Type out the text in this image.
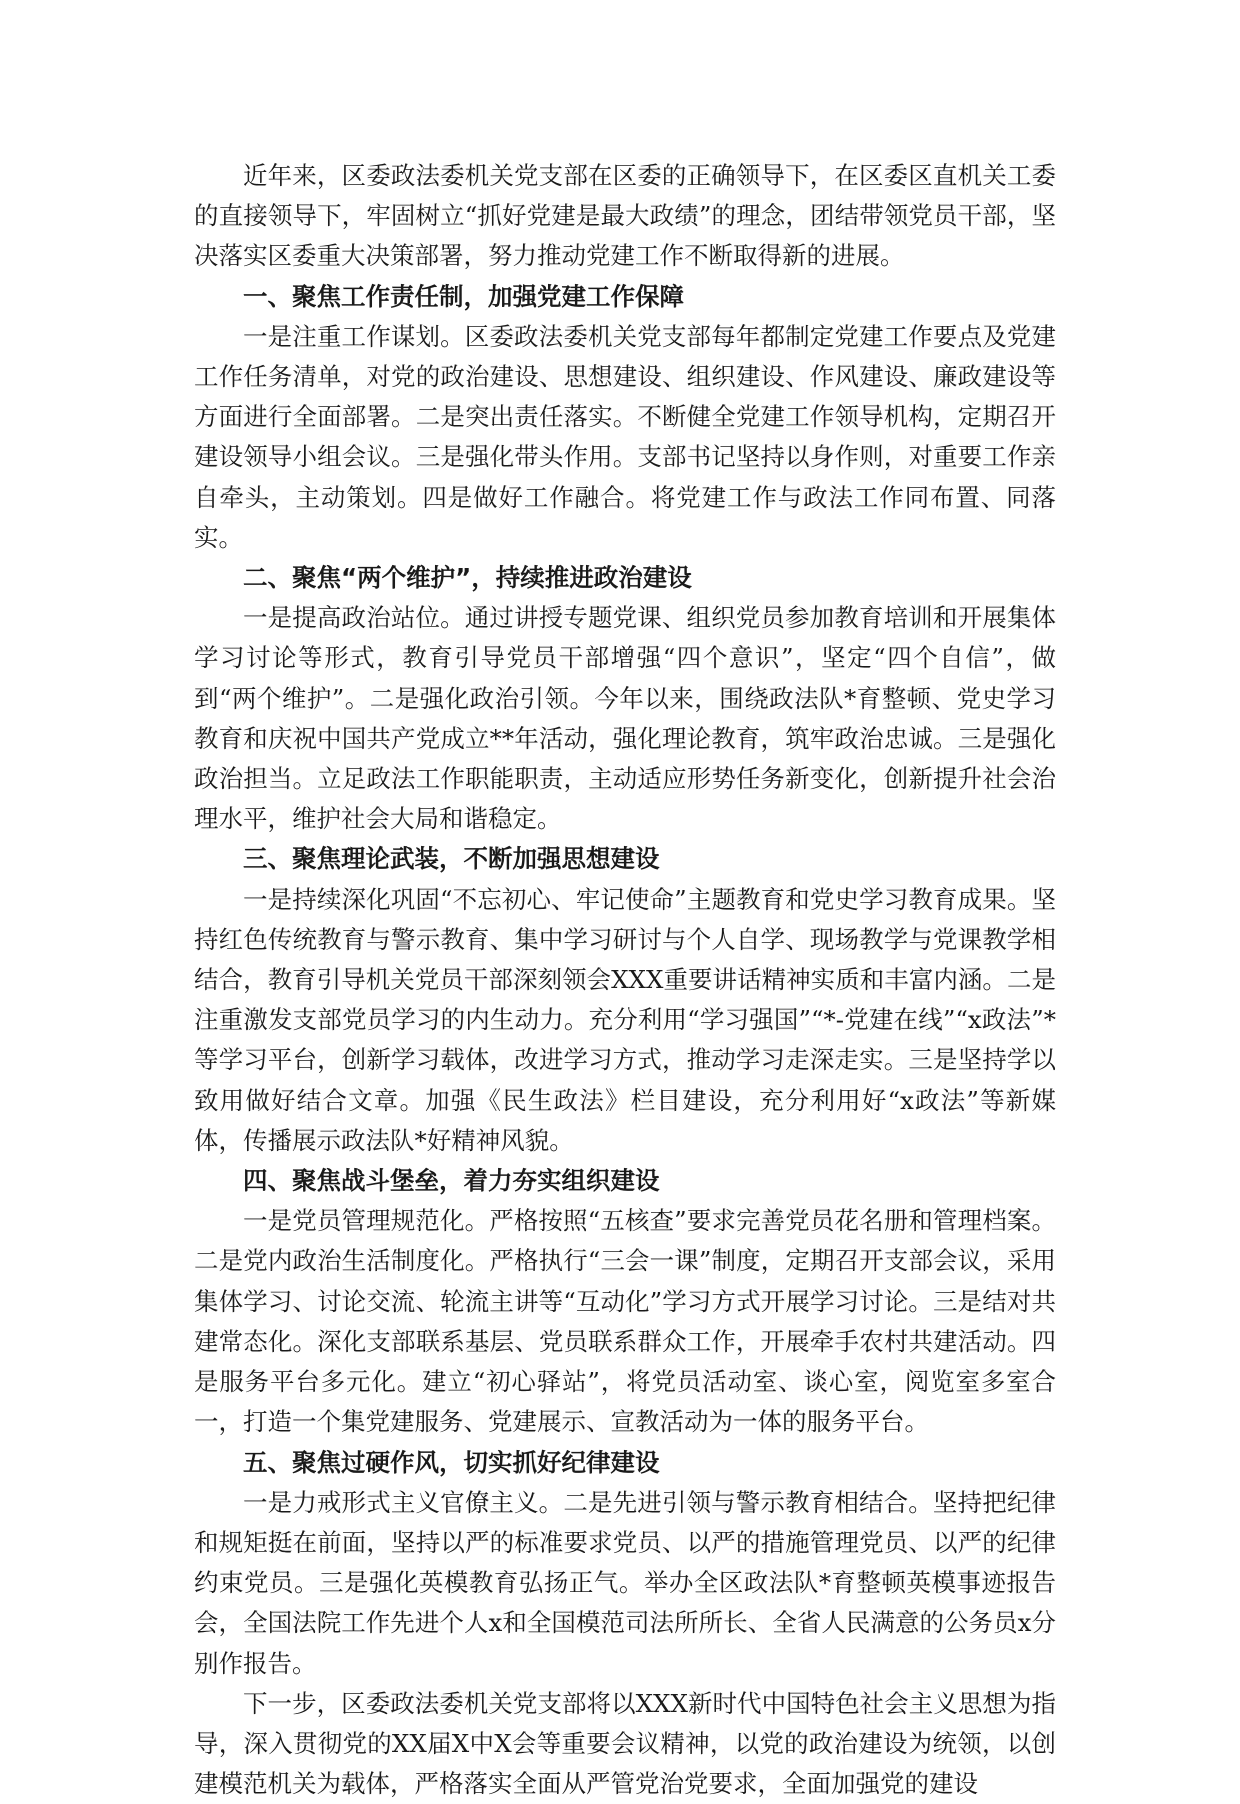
近年来，区委政法委机关党支部在区委的正确领导下，在区委区直机关工委的直接领导下，牢固树立“抓好党建是最大政绩”的理念，团结带领党员干部，坚决落实区委重大决策部署，努力推动党建工作不断取得新的进展。

一、聚焦工作责任制，加强党建工作保障

一是注重工作谋划。区委政法委机关党支部每年都制定党建工作要点及党建工作任务清单，对党的政治建设、思想建设、组织建设、作风建设、廉政建设等方面进行全面部署。二是突出责任落实。不断健全党建工作领导机构，定期召开建设领导小组会议。三是强化带头作用。支部书记坚持以身作则，对重要工作亲自牵头，主动策划。四是做好工作融合。将党建工作与政法工作同布置、同落实。

二、聚焦“两个维护”，持续推进政治建设

一是提高政治站位。通过讲授专题党课、组织党员参加教育培训和开展集体学习讨论等形式，教育引导党员干部增强“四个意识”，坚定“四个自信”，做到“两个维护”。二是强化政治引领。今年以来，围绕政法队*育整顿、党史学习教育和庆祝中国共产党成立**年活动，强化理论教育，筑牢政治忠诚。三是强化政治担当。立足政法工作职能职责，主动适应形势任务新变化，创新提升社会治理水平，维护社会大局和谐稳定。

三、聚焦理论武装，不断加强思想建设

一是持续深化巩固“不忘初心、牢记使命”主题教育和党史学习教育成果。坚持红色传统教育与警示教育、集中学习研讨与个人自学、现场教学与党课教学相结合，教育引导机关党员干部深刻领会XXX重要讲话精神实质和丰富内涵。二是注重激发支部党员学习的内生动力。充分利用“学习强国”“*-党建在线”“x政法”*等学习平台，创新学习载体，改进学习方式，推动学习走深走实。三是坚持学以致用做好结合文章。加强《民生政法》栏目建设，充分利用好“x政法”等新媒体，传播展示政法队*好精神风貌。

四、聚焦战斗堡垒，着力夯实组织建设

一是党员管理规范化。严格按照“五核查”要求完善党员花名册和管理档案。二是党内政治生活制度化。严格执行“三会一课”制度，定期召开支部会议，采用集体学习、讨论交流、轮流主讲等“互动化”学习方式开展学习讨论。三是结对共建常态化。深化支部联系基层、党员联系群众工作，开展牵手农村共建活动。四是服务平台多元化。建立“初心驿站”，将党员活动室、谈心室，阅览室多室合一，打造一个集党建服务、党建展示、宣教活动为一体的服务平台。

五、聚焦过硬作风，切实抓好纪律建设

一是力戒形式主义官僚主义。二是先进引领与警示教育相结合。坚持把纪律和规矩挺在前面，坚持以严的标准要求党员、以严的措施管理党员、以严的纪律约束党员。三是强化英模教育弘扬正气。举办全区政法队*育整顿英模事迹报告会，全国法院工作先进个人x和全国模范司法所所长、全省人民满意的公务员x分别作报告。

下一步，区委政法委机关党支部将以XXX新时代中国特色社会主义思想为指导，深入贯彻党的XX届X中X会等重要会议精神，以党的政治建设为统领，以创建模范机关为载体，严格落实全面从严管党治党要求，全面加强党的建设
